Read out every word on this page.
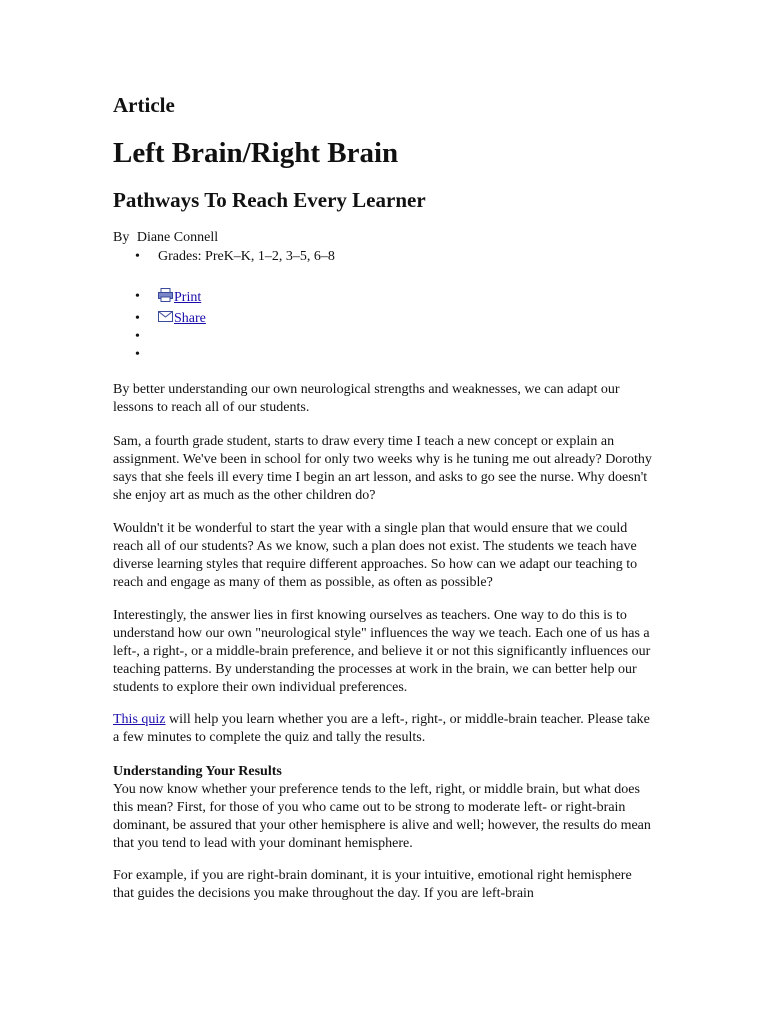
Article
Left Brain/Right Brain
Pathways To Reach Every Learner
By Diane Connell
• Grades: PreK–K, 1–2, 3–5, 6–8
•	Print
•	Share
•
•

By better understanding our own neurological strengths and weaknesses, we can adapt our lessons to reach all of our students.

Sam, a fourth grade student, starts to draw every time I teach a new concept or explain an assignment. We've been in school for only two weeks why is he tuning me out already? Dorothy says that she feels ill every time I begin an art lesson, and asks to go see the nurse. Why doesn't she enjoy art as much as the other children do?

Wouldn't it be wonderful to start the year with a single plan that would ensure that we could reach all of our students? As we know, such a plan does not exist. The students we teach have diverse learning styles that require different approaches. So how can we adapt our teaching to reach and engage as many of them as possible, as often as possible?

Interestingly, the answer lies in first knowing ourselves as teachers. One way to do this is to understand how our own "neurological style" influences the way we teach. Each one of us has a left-, a right-, or a middle-brain preference, and believe it or not this significantly influences our teaching patterns. By understanding the processes at work in the brain, we can better help our students to explore their own individual preferences.

This quiz will help you learn whether you are a left-, right-, or middle-brain teacher. Please take a few minutes to complete the quiz and tally the results.

Understanding Your Results

You now know whether your preference tends to the left, right, or middle brain, but what does this mean? First, for those of you who came out to be strong to moderate left- or right-brain dominant, be assured that your other hemisphere is alive and well; however, the results do mean that you tend to lead with your dominant hemisphere.

For example, if you are right-brain dominant, it is your intuitive, emotional right hemisphere that guides the decisions you make throughout the day. If you are left-brain
